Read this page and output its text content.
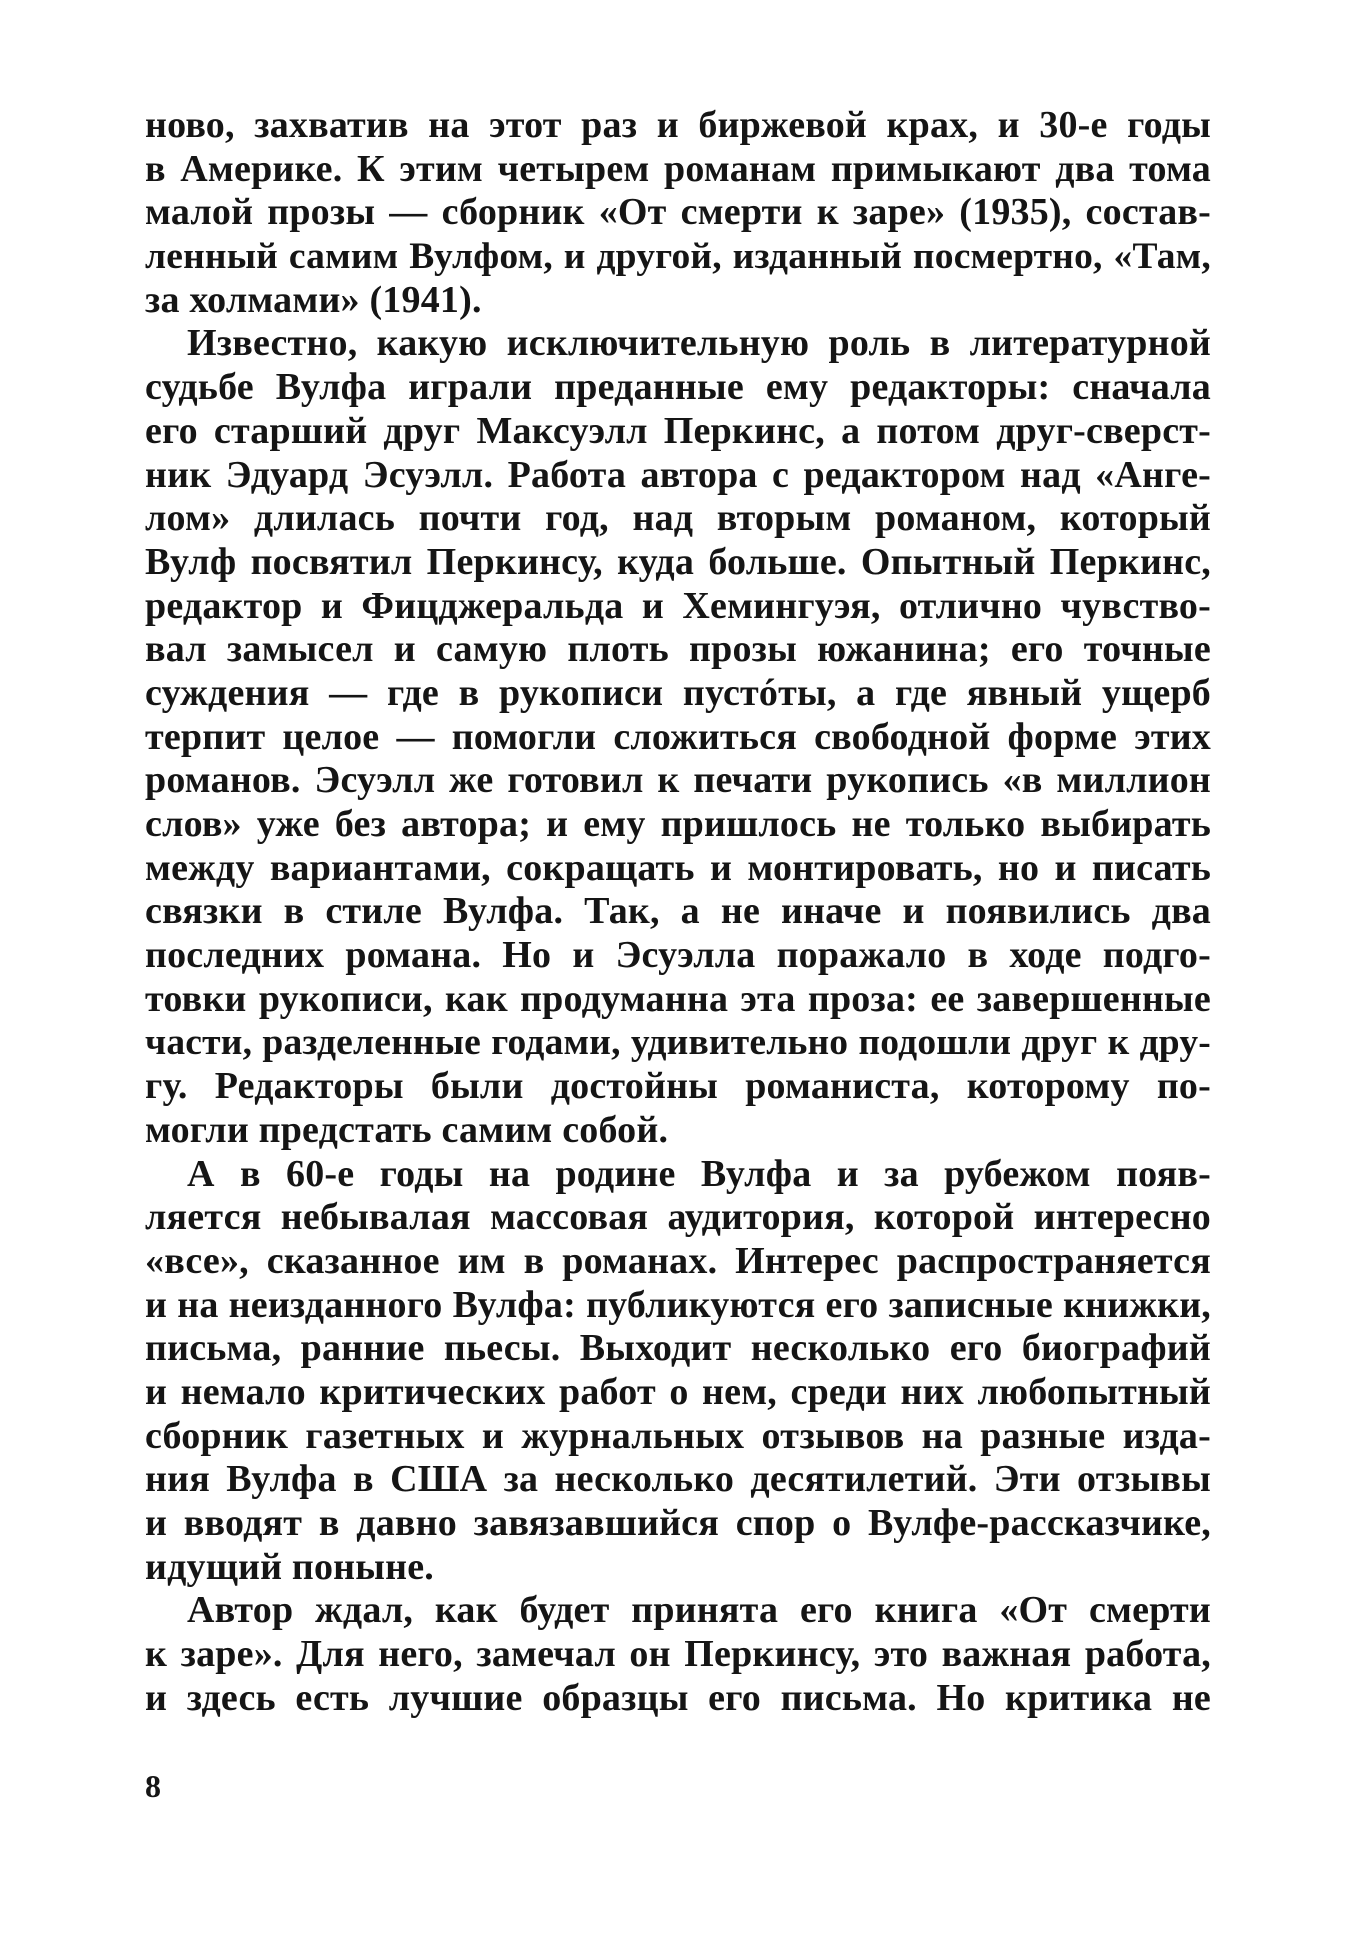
ново, захватив на этот раз и биржевой крах, и 30-е годы
в Америке. К этим четырем романам примыкают два тома
малой прозы — сборник «От смерти к заре» (1935), состав-
ленный самим Вулфом, и другой, изданный посмертно, «Там,
за холмами» (1941).
Известно, какую исключительную роль в литературной
судьбе Вулфа играли преданные ему редакторы: сначала
его старший друг Максуэлл Перкинс, а потом друг-сверст-
ник Эдуард Эсуэлл. Работа автора с редактором над «Анге-
лом» длилась почти год, над вторым романом, который
Вулф посвятил Перкинсу, куда больше. Опытный Перкинс,
редактор и Фицджеральда и Хемингуэя, отлично чувство-
вал замысел и самую плоть прозы южанина; его точные
суждения — где в рукописи пустóты, а где явный ущерб
терпит целое — помогли сложиться свободной форме этих
романов. Эсуэлл же готовил к печати рукопись «в миллион
слов» уже без автора; и ему пришлось не только выбирать
между вариантами, сокращать и монтировать, но и писать
связки в стиле Вулфа. Так, а не иначе и появились два
последних романа. Но и Эсуэлла поражало в ходе подго-
товки рукописи, как продуманна эта проза: ее завершенные
части, разделенные годами, удивительно подошли друг к дру-
гу. Редакторы были достойны романиста, которому по-
могли предстать самим собой.
А в 60-е годы на родине Вулфа и за рубежом появ-
ляется небывалая массовая аудитория, которой интересно
«все», сказанное им в романах. Интерес распространяется
и на неизданного Вулфа: публикуются его записные книжки,
письма, ранние пьесы. Выходит несколько его биографий
и немало критических работ о нем, среди них любопытный
сборник газетных и журнальных отзывов на разные изда-
ния Вулфа в США за несколько десятилетий. Эти отзывы
и вводят в давно завязавшийся спор о Вулфе-рассказчике,
идущий поныне.
Автор ждал, как будет принята его книга «От смерти
к заре». Для него, замечал он Перкинсу, это важная работа,
и здесь есть лучшие образцы его письма. Но критика не
8
